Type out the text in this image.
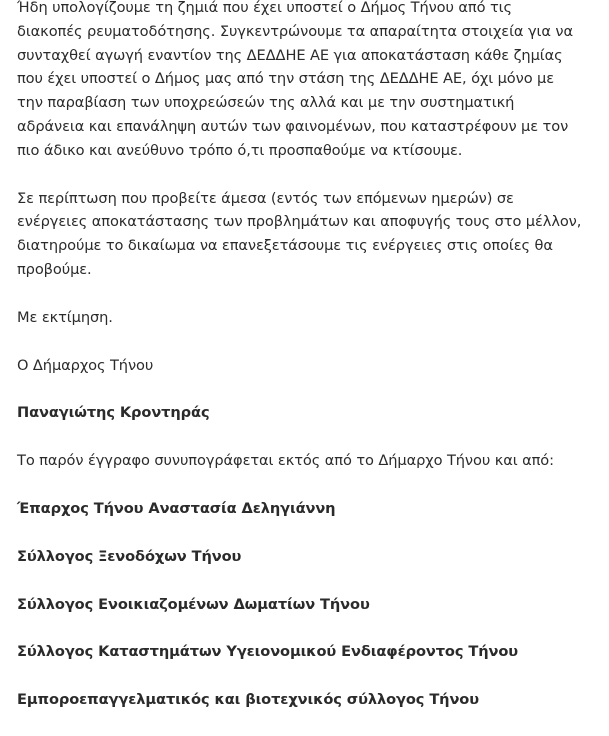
Ήδη υπολογίζουμε τη ζημιά που έχει υποστεί ο Δήμος Τήνου από τις
διακοπές ρευματοδότησης. Συγκεντρώνουμε τα απαραίτητα στοιχεία για να
συνταχθεί αγωγή εναντίον της ΔΕΔΔΗΕ ΑΕ για αποκατάσταση κάθε ζημίας
που έχει υποστεί ο Δήμος μας από την στάση της ΔΕΔΔΗΕ ΑΕ, όχι μόνο με
την παραβίαση των υποχρεώσεών της αλλά και με την συστηματική
αδράνεια και επανάληψη αυτών των φαινομένων, που καταστρέφουν με τον
πιο άδικο και ανεύθυνο τρόπο ό,τι προσπαθούμε να κτίσουμε.

Σε περίπτωση που προβείτε άμεσα (εντός των επόμενων ημερών) σε
ενέργειες αποκατάστασης των προβλημάτων και αποφυγής τους στο μέλλον,
διατηρούμε το δικαίωμα να επανεξετάσουμε τις ενέργειες στις οποίες θα
προβούμε.

Με εκτίμηση.

Ο Δήμαρχος Τήνου

Παναγιώτης Κροντηράς

Το παρόν έγγραφο συνυπογράφεται εκτός από το Δήμαρχο Τήνου και από:

Έπαρχος Τήνου Αναστασία Δεληγιάννη

Σύλλογος Ξενοδόχων Τήνου

Σύλλογος Ενοικιαζομένων Δωματίων Τήνου

Σύλλογος Καταστημάτων Υγειονομικού Ενδιαφέροντος Τήνου

Εμποροεπαγγελματικός και βιοτεχνικός σύλλογος Τήνου
